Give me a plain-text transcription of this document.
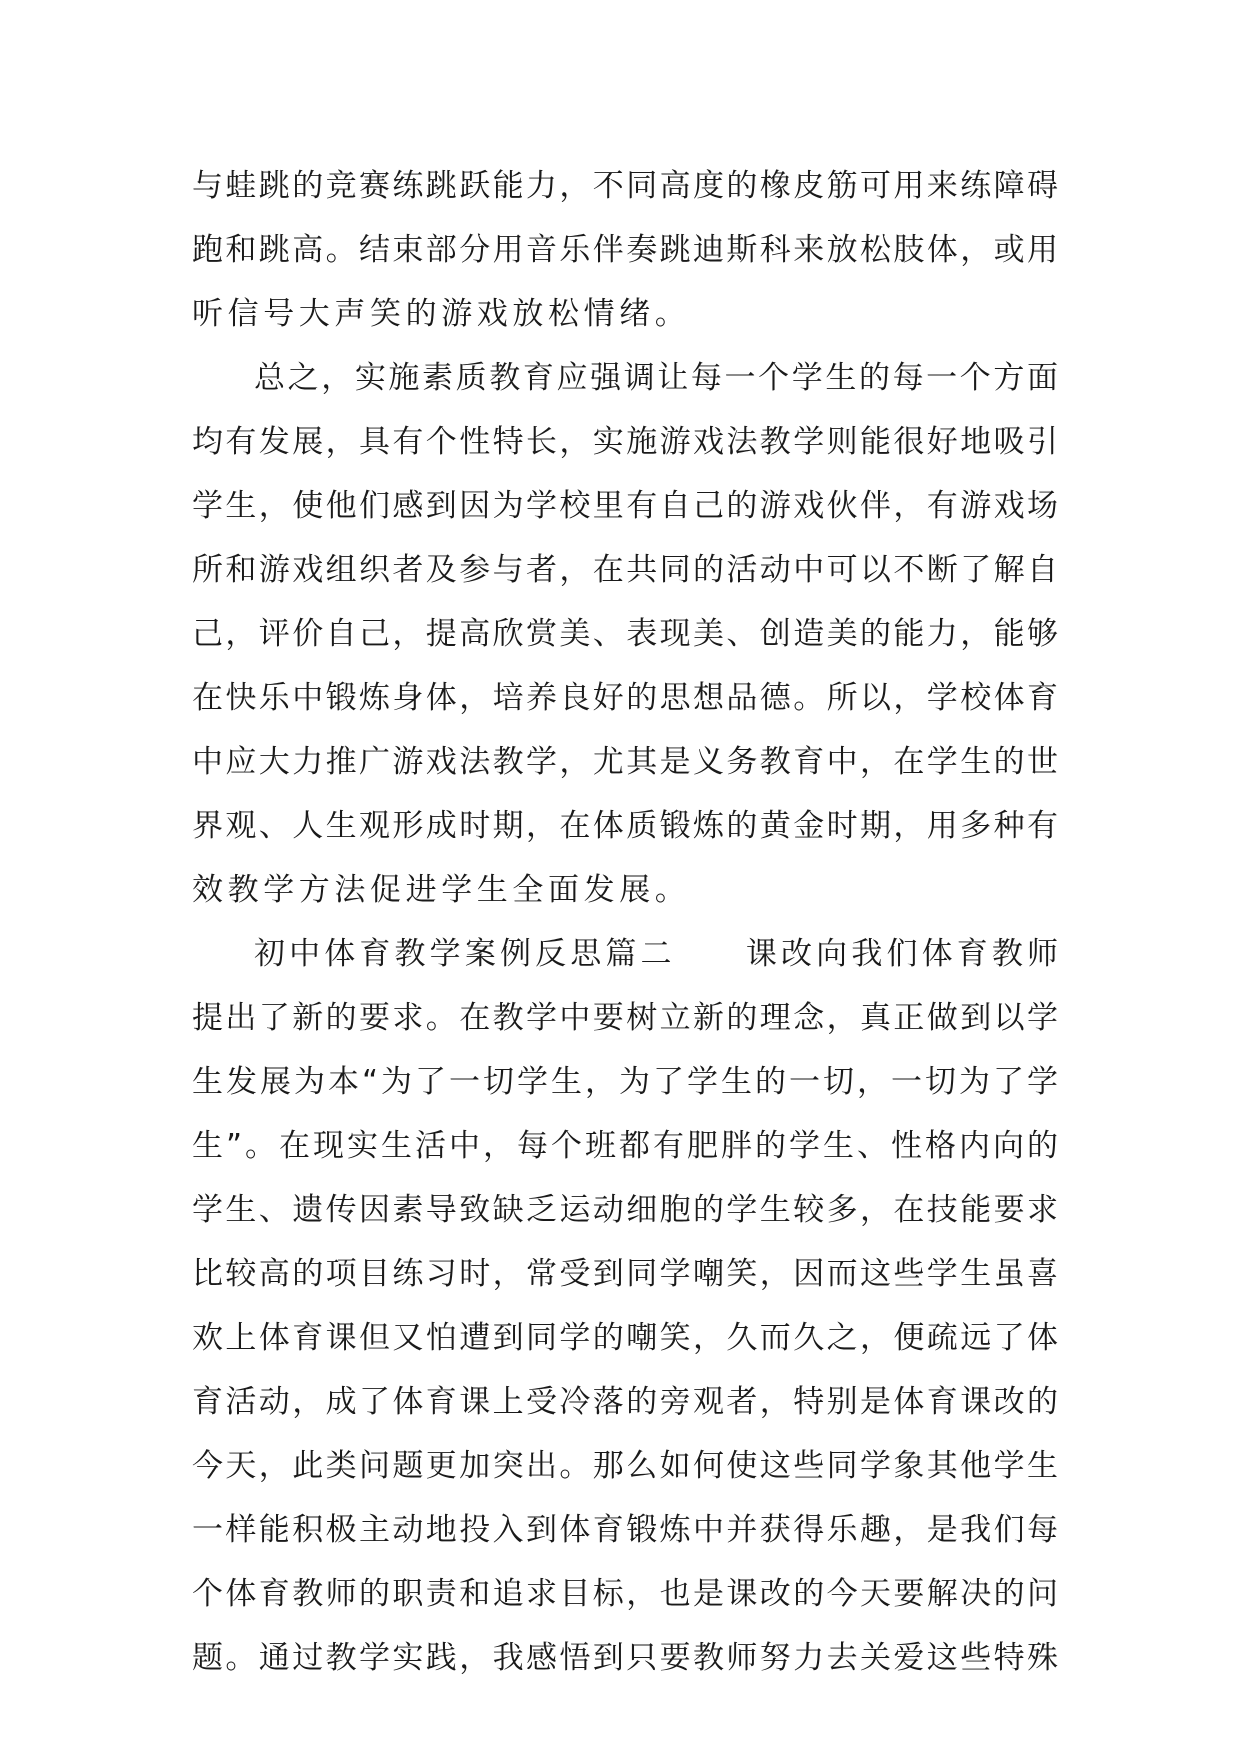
与蛙跳的竞赛练跳跃能力，不同高度的橡皮筋可用来练障碍
跑和跳高。结束部分用音乐伴奏跳迪斯科来放松肢体，或用
听信号大声笑的游戏放松情绪。
总之，实施素质教育应强调让每一个学生的每一个方面
均有发展，具有个性特长，实施游戏法教学则能很好地吸引
学生，使他们感到因为学校里有自己的游戏伙伴，有游戏场
所和游戏组织者及参与者，在共同的活动中可以不断了解自
己，评价自己，提高欣赏美、表现美、创造美的能力，能够
在快乐中锻炼身体，培养良好的思想品德。所以，学校体育
中应大力推广游戏法教学，尤其是义务教育中，在学生的世
界观、人生观形成时期，在体质锻炼的黄金时期，用多种有
效教学方法促进学生全面发展。
初中体育教学案例反思篇二　　课改向我们体育教师
提出了新的要求。在教学中要树立新的理念，真正做到以学
生发展为本“为了一切学生，为了学生的一切，一切为了学
生”。在现实生活中，每个班都有肥胖的学生、性格内向的
学生、遗传因素导致缺乏运动细胞的学生较多，在技能要求
比较高的项目练习时，常受到同学嘲笑，因而这些学生虽喜
欢上体育课但又怕遭到同学的嘲笑，久而久之，便疏远了体
育活动，成了体育课上受冷落的旁观者，特别是体育课改的
今天，此类问题更加突出。那么如何使这些同学象其他学生
一样能积极主动地投入到体育锻炼中并获得乐趣，是我们每
个体育教师的职责和追求目标，也是课改的今天要解决的问
题。通过教学实践，我感悟到只要教师努力去关爱这些特殊
